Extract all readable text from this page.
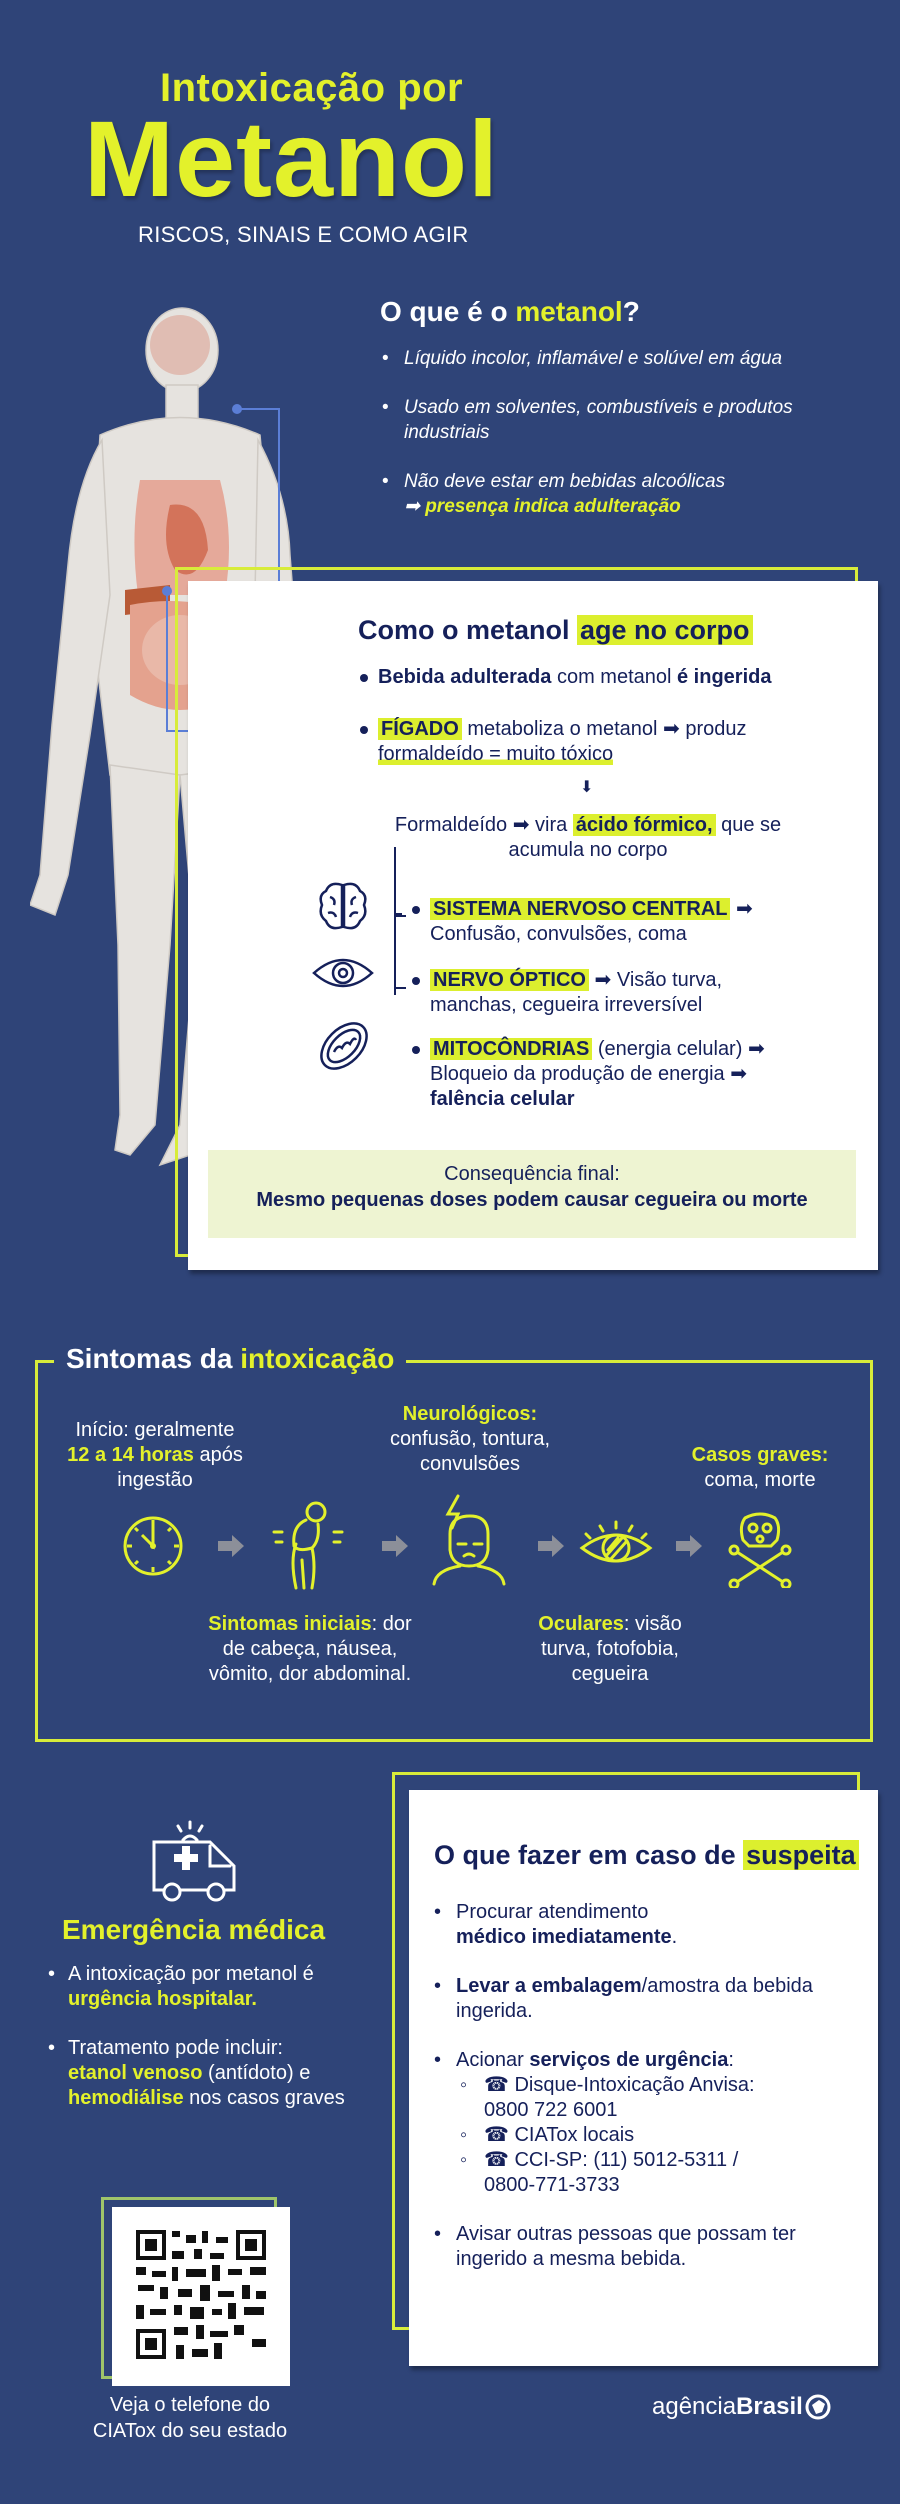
Intoxicação por
Metanol
RISCOS, SINAIS E COMO AGIR
O que é o metanol?
• Líquido incolor, inflamável e solúvel em água
• Usado em solventes, combustíveis e produtos industriais
• Não deve estar em bebidas alcoólicas
➡ presença indica adulteração
Como o metanol age no corpo
Bebida adulterada com metanol é ingerida
FÍGADO metaboliza o metanol ➡ produz
formaldeído = muito tóxico
⬇
Formaldeído ➡ vira ácido fórmico, que se
acumula no corpo
SISTEMA NERVOSO CENTRAL ➡
Confusão, convulsões, coma
NERVO ÓPTICO ➡ Visão turva,
manchas, cegueira irreversível
MITOCÔNDRIAS (energia celular) ➡
Bloqueio da produção de energia ➡
falência celular
Consequência final:
Mesmo pequenas doses podem causar cegueira ou morte
Sintomas da intoxicação
Início: geralmente
12 a 14 horas após
ingestão
Neurológicos:
confusão, tontura,
convulsões	Casos graves:
coma, morte
Sintomas iniciais: dor
de cabeça, náusea,
vômito, dor abdominal.
Oculares: visão
turva, fotofobia,
cegueira
Emergência médica
• A intoxicação por metanol é
urgência hospitalar.
• Tratamento pode incluir:
etanol venoso (antídoto) e
hemodiálise nos casos graves
Veja o telefone do
CIATox do seu estado
O que fazer em caso de suspeita
• Procurar atendimento
médico imediatamente.
• Levar a embalagem/amostra da bebida ingerida.
• Acionar serviços de urgência:
◦ ☎ Disque-Intoxicação Anvisa: 0800 722 6001
◦ ☎ CIATox locais
◦ ☎ CCI-SP: (11) 5012-5311 / 0800-771-3733
• Avisar outras pessoas que possam ter ingerido a mesma bebida.
agência Brasil
